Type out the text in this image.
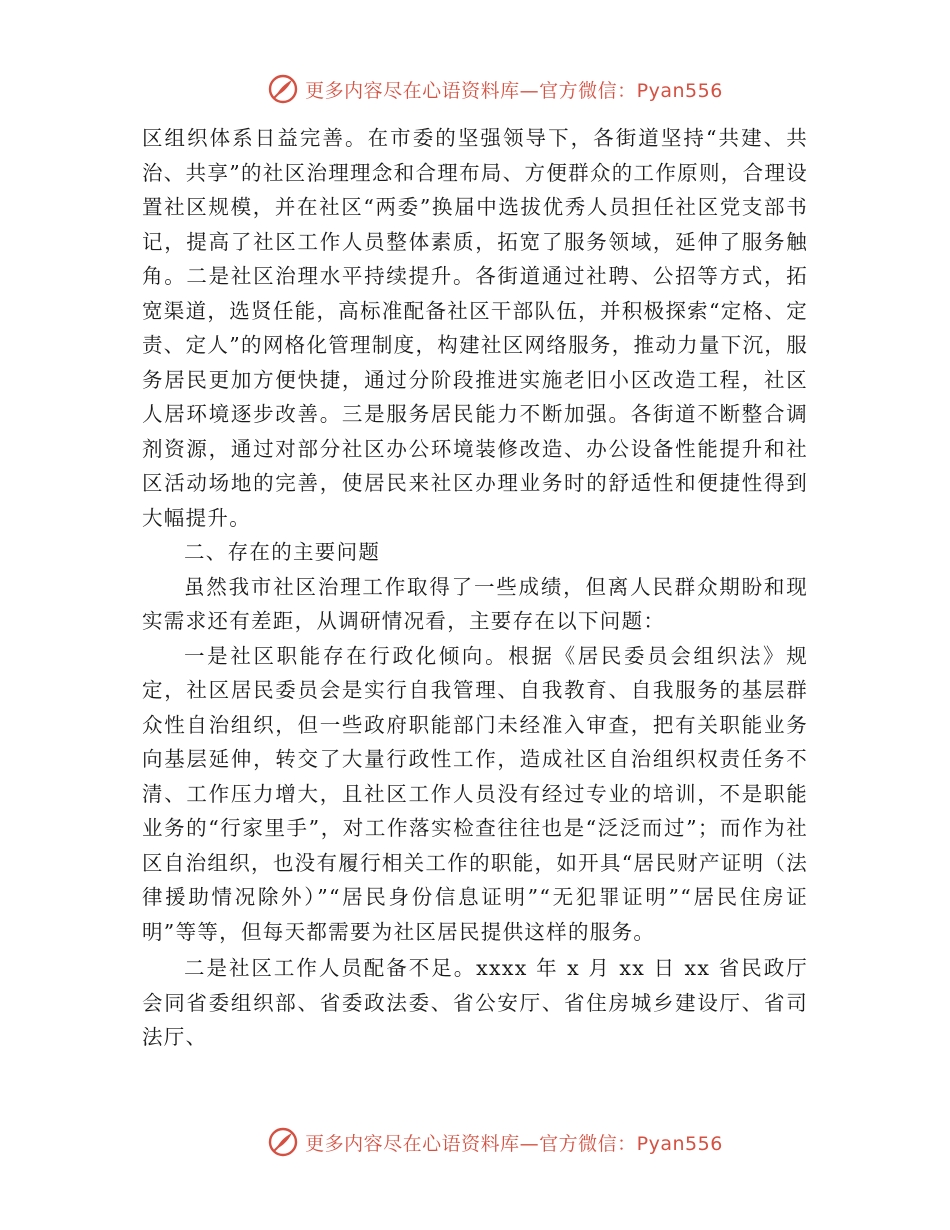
更多内容尽在心语资料库—官方微信：Pyan556

区组织体系日益完善。在市委的坚强领导下，各街道坚持“共建、共治、共享”的社区治理理念和合理布局、方便群众的工作原则，合理设置社区规模，并在社区“两委”换届中选拔优秀人员担任社区党支部书记，提高了社区工作人员整体素质，拓宽了服务领域，延伸了服务触角。二是社区治理水平持续提升。各街道通过社聘、公招等方式，拓宽渠道，选贤任能，高标准配备社区干部队伍，并积极探索“定格、定责、定人”的网格化管理制度，构建社区网络服务，推动力量下沉，服务居民更加方便快捷，通过分阶段推进实施老旧小区改造工程，社区人居环境逐步改善。三是服务居民能力不断加强。各街道不断整合调剂资源，通过对部分社区办公环境装修改造、办公设备性能提升和社区活动场地的完善，使居民来社区办理业务时的舒适性和便捷性得到大幅提升。

二、存在的主要问题

虽然我市社区治理工作取得了一些成绩，但离人民群众期盼和现实需求还有差距，从调研情况看，主要存在以下问题：

一是社区职能存在行政化倾向。根据《居民委员会组织法》规定，社区居民委员会是实行自我管理、自我教育、自我服务的基层群众性自治组织，但一些政府职能部门未经准入审查，把有关职能业务向基层延伸，转交了大量行政性工作，造成社区自治组织权责任务不清、工作压力增大，且社区工作人员没有经过专业的培训，不是职能业务的“行家里手”，对工作落实检查往往也是“泛泛而过”；而作为社区自治组织，也没有履行相关工作的职能，如开具“居民财产证明（法律援助情况除外）”“居民身份信息证明”“无犯罪证明”“居民住房证明”等等，但每天都需要为社区居民提供这样的服务。

二是社区工作人员配备不足。xxxx 年 x 月 xx 日 xx 省民政厅会同省委组织部、省委政法委、省公安厅、省住房城乡建设厅、省司法厅、

更多内容尽在心语资料库—官方微信：Pyan556
